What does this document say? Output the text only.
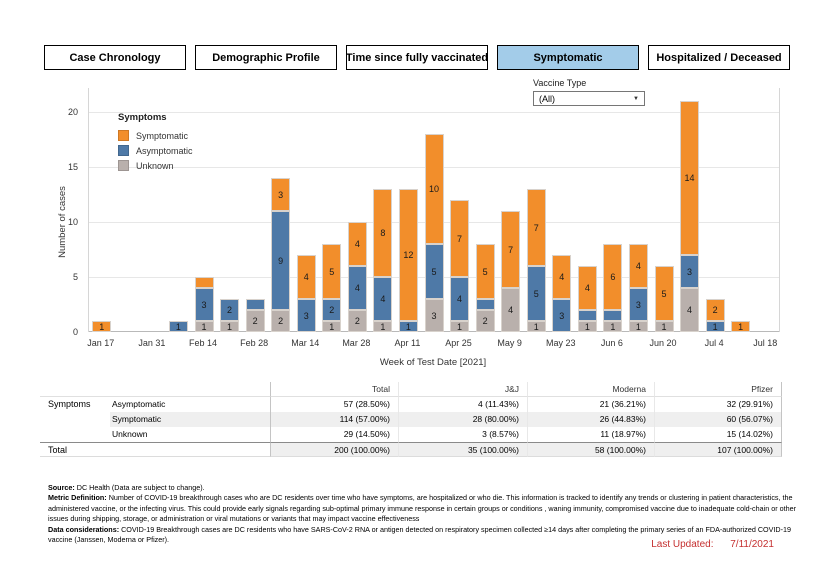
Case Chronology	Demographic Profile	Time since fully vaccinated	Symptomatic	Hospitalized / Deceased
Number of cases
0
5
10
15
20
1	1	1
3
1
2
2	2
9
3
3
4
1
2
5
2
4
4
1
4
8
1
12
3
5
10
1
4
7
2
5
4
7
1
5
7
3
4
1
4
1
6
1
3
4
1
5
4
3
14
1
2
1
Jan 17	Jan 31	Feb 14	Feb 28	Mar 14	Mar 28	Apr 11	Apr 25	May 9	May 23	Jun 6	Jun 20	Jul 4	Jul 18
Week of Test Date [2021]
Symptoms
Symptomatic
Asymptomatic
Unknown
Vaccine Type
(All)	▼
Total	J&J	Moderna	Pfizer
Symptoms	Asymptomatic	57 (28.50%)	4 (11.43%)	21 (36.21%)	32 (29.91%)
Symptomatic	114 (57.00%)	28 (80.00%)	26 (44.83%)	60 (56.07%)
Unknown	29 (14.50%)	3 (8.57%)	11 (18.97%)	15 (14.02%)
Total	200 (100.00%)	35 (100.00%)	58 (100.00%)	107 (100.00%)
Source: DC Health (Data are subject to change).
Metric Definition: Number of COVID-19 breakthrough cases who are DC residents over time who have symptoms, are hospitalized or who die. This information is tracked to identify any trends or clustering in patient characteristics, the administered vaccine, or the infecting virus. This could provide early signals regarding sub-optimal primary immune response in certain groups or conditions , waning immunity, compromised vaccine due to inadequate cold-chain or other issues during shipping, storage, or administration or viral mutations or variants that may impact vaccine effectiveness
Data considerations: COVID-19 Breakthrough cases are DC residents who have SARS-CoV-2 RNA or antigen detected on respiratory specimen collected ≥14 days after completing the primary series of an FDA-authorized COVID-19 vaccine (Janssen, Moderna or Pfizer).	Last Updated: 7/11/2021
